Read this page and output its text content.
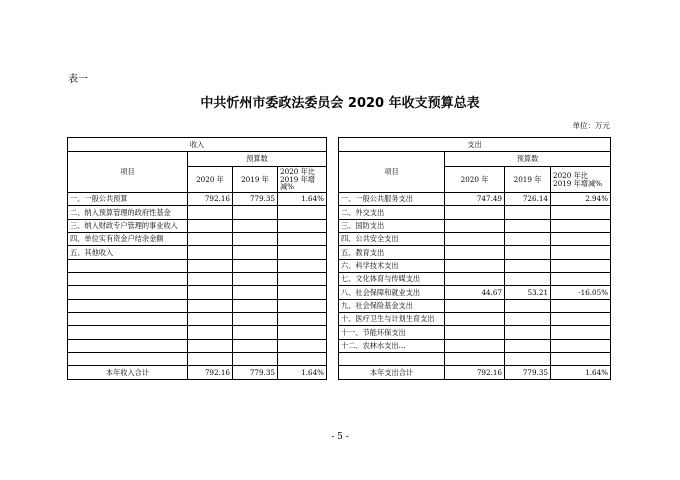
表一
中共忻州市委政法委员会 2020 年收支预算总表
单位：万元
收入					支出			
项目	预算数				项目	预算数		
	2020 年	2019 年	2020 年比 2019 年增减%			2020 年	2019 年	2020 年比 2019 年增减%
一、一般公共预算	792.16	779.35	1.64%		一、一般公共服务支出	747.49	726.14	2.94%
二、纳入预算管理的政府性基金					二、外交支出			
三、纳入财政专户管理的事业收入					三、国防支出			
四、单位实有资金户结余金额					四、公共安全支出			
五、其他收入					五、教育支出			
					六、科学技术支出			
					七、文化体育与传媒支出			
					八、社会保障和就业支出	44.67	53.21	-16.05%
					九、社会保险基金支出			
					十、医疗卫生与计划生育支出			
					十一、节能环保支出			
					十二、农林水支出…			

本年收入合计	792.16	779.35	1.64%		本年支出合计	792.16	779.35	1.64%
- 5 -
